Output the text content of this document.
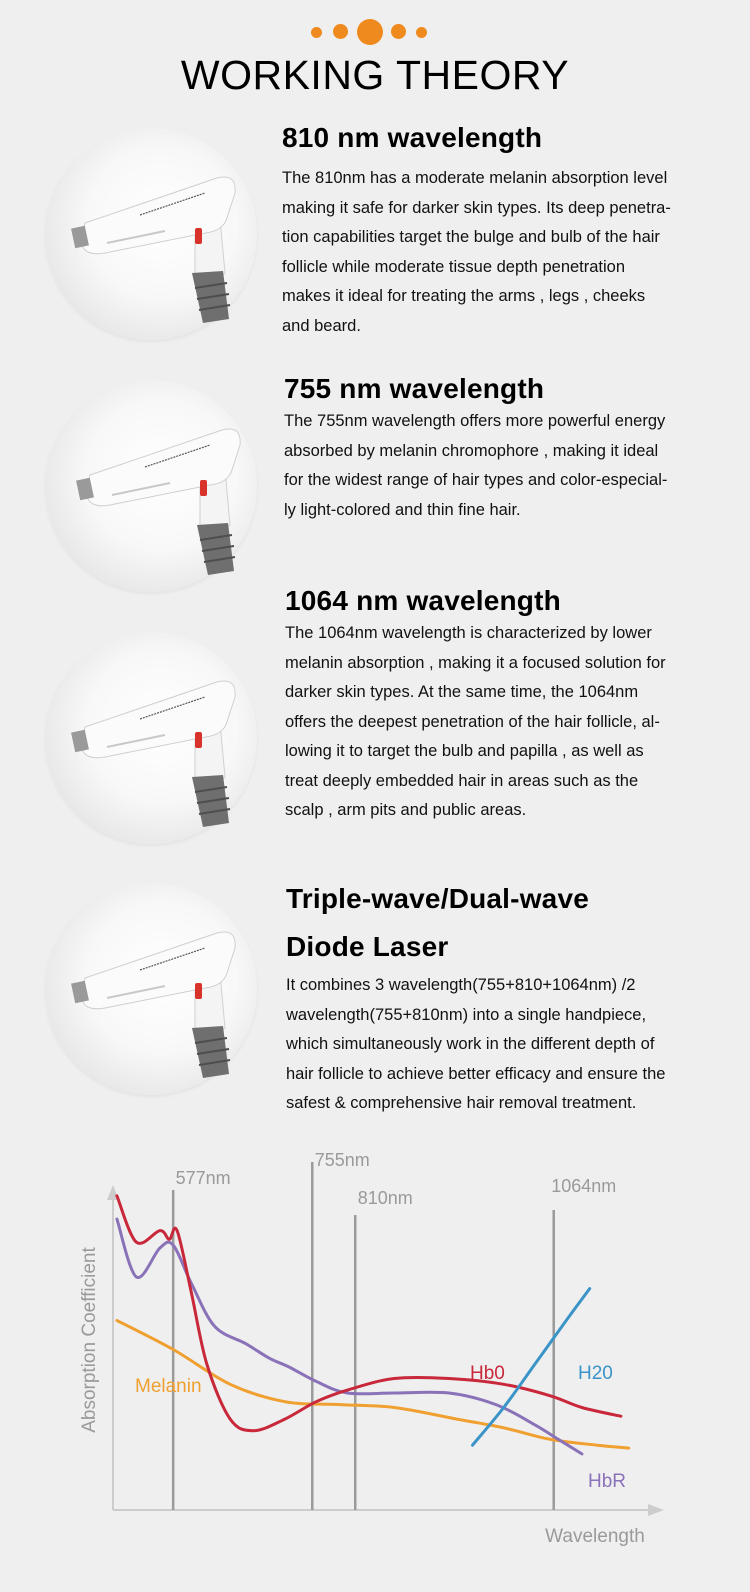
WORKING THEORY
810 nm wavelength

The 810nm has a moderate melanin absorption level
making it safe for darker skin types. Its deep penetra-
tion capabilities target the bulge and bulb of the hair
follicle while moderate tissue depth penetration
makes it ideal for treating the arms , legs , cheeks
and beard.

755 nm wavelength

The 755nm wavelength offers more powerful energy
absorbed by melanin chromophore , making it ideal
for the widest range of hair types and color-especial-
ly light-colored and thin fine hair.

1064 nm wavelength

The 1064nm wavelength is characterized by lower
melanin absorption , making it a focused solution for
darker skin types. At the same time, the 1064nm
offers the deepest penetration of the hair follicle, al-
lowing it to target the bulb and papilla , as well as
treat deeply embedded hair in areas such as the
scalp , arm pits and public areas.

Triple-wave/Dual-wave
Diode Laser

It combines 3 wavelength(755+810+1064nm) /2
wavelength(755+810nm) into a single handpiece,
which simultaneously work in the different depth of
hair follicle to achieve better efficacy and ensure the
safest & comprehensive hair removal treatment.

Wavelength
Absorption Coefficient
577nm
755nm
810nm
1064nm
Melanin
Hb0	H20
HbR
